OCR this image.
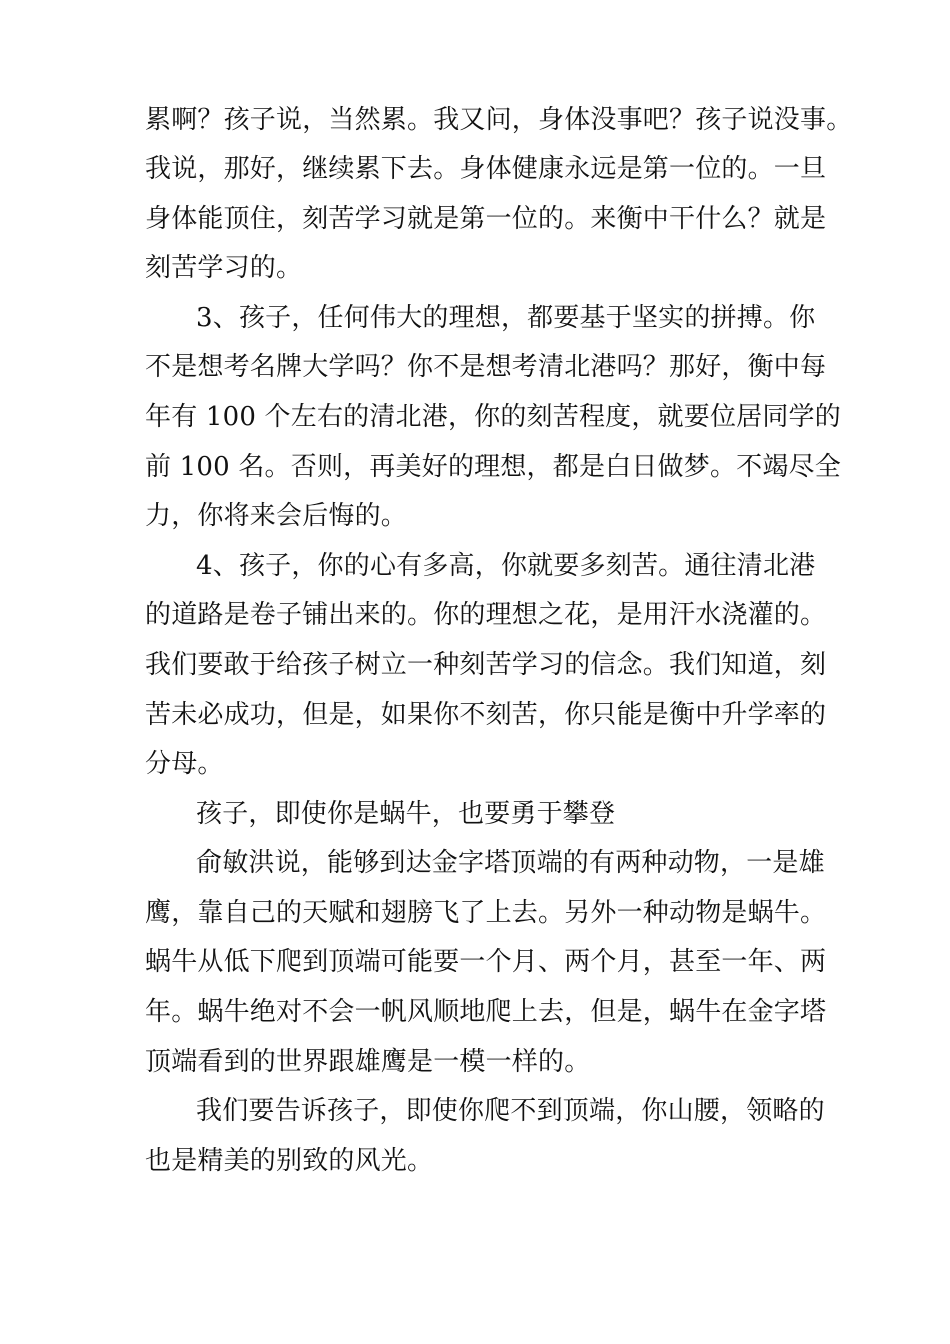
累啊？孩子说，当然累。我又问，身体没事吧？孩子说没事。
我说，那好，继续累下去。身体健康永远是第一位的。一旦
身体能顶住，刻苦学习就是第一位的。来衡中干什么？就是
刻苦学习的。
3、孩子，任何伟大的理想，都要基于坚实的拼搏。你
不是想考名牌大学吗？你不是想考清北港吗？那好，衡中每
年有 100 个左右的清北港，你的刻苦程度，就要位居同学的
前 100 名。否则，再美好的理想，都是白日做梦。不竭尽全
力，你将来会后悔的。
4、孩子，你的心有多高，你就要多刻苦。通往清北港
的道路是卷子铺出来的。你的理想之花，是用汗水浇灌的。
我们要敢于给孩子树立一种刻苦学习的信念。我们知道，刻
苦未必成功，但是，如果你不刻苦，你只能是衡中升学率的
分母。
孩子，即使你是蜗牛，也要勇于攀登
俞敏洪说，能够到达金字塔顶端的有两种动物，一是雄
鹰，靠自己的天赋和翅膀飞了上去。另外一种动物是蜗牛。
蜗牛从低下爬到顶端可能要一个月、两个月，甚至一年、两
年。蜗牛绝对不会一帆风顺地爬上去，但是，蜗牛在金字塔
顶端看到的世界跟雄鹰是一模一样的。
我们要告诉孩子，即使你爬不到顶端，你山腰，领略的
也是精美的别致的风光。
